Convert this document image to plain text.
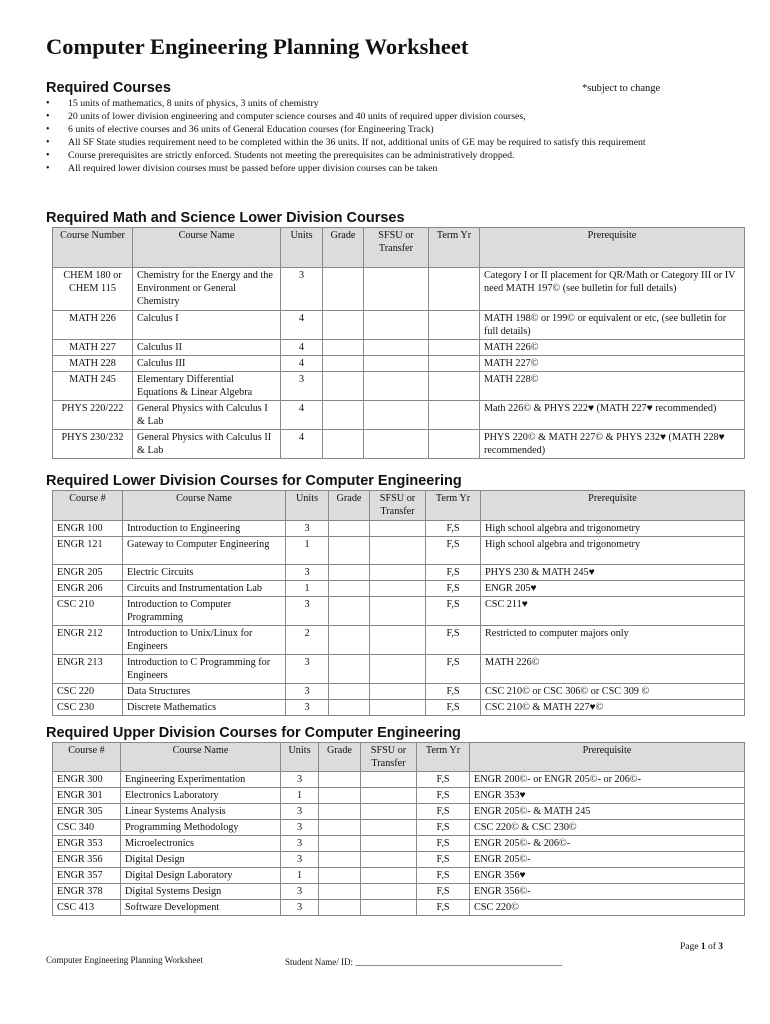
Computer Engineering Planning Worksheet
Required Courses	*subject to change
• 15 units of mathematics, 8 units of physics, 3 units of chemistry
• 20 units of lower division engineering and computer science courses and 40 units of required upper division courses,
• 6 units of elective courses and 36 units of General Education courses (for Engineering Track)
• All SF State studies requirement need to be completed within the 36 units. If not, additional units of GE may be required to satisfy this requirement
• Course prerequisites are strictly enforced. Students not meeting the prerequisites can be administratively dropped.
• All required lower division courses must be passed before upper division courses can be taken
Required Math and Science Lower Division Courses
Course Number	Course Name	Units	Grade	SFSU or Transfer	Term Yr	Prerequisite
CHEM 180 or CHEM 115	Chemistry for the Energy and the Environment or General Chemistry	3				Category I or II placement for QR/Math or Category III or IV need MATH 197© (see bulletin for full details)
MATH 226	Calculus I	4				MATH 198© or 199© or equivalent or etc, (see bulletin for full details)
MATH 227	Calculus II	4				MATH 226©
MATH 228	Calculus III	4				MATH 227©
MATH 245	Elementary Differential Equations & Linear Algebra	3				MATH 228©
PHYS 220/222	General Physics with Calculus I & Lab	4				Math 226© & PHYS 222♥ (MATH 227♥ recommended)
PHYS 230/232	General Physics with Calculus II & Lab	4				PHYS 220© & MATH 227© & PHYS 232♥ (MATH 228♥ recommended)
Required Lower Division Courses for Computer Engineering
Course #	Course Name	Units	Grade	SFSU or Transfer	Term Yr	Prerequisite
ENGR 100	Introduction to Engineering	3			F,S	High school algebra and trigonometry
ENGR 121	Gateway to Computer Engineering	1			F,S	High school algebra and trigonometry
ENGR 205	Electric Circuits	3			F,S	PHYS 230 & MATH 245♥
ENGR 206	Circuits and Instrumentation Lab	1			F,S	ENGR 205♥
CSC 210	Introduction to Computer Programming	3			F,S	CSC 211♥
ENGR 212	Introduction to Unix/Linux for Engineers	2			F,S	Restricted to computer majors only
ENGR 213	Introduction to C Programming for Engineers	3			F,S	MATH 226©
CSC 220	Data Structures	3			F,S	CSC 210© or CSC 306© or CSC 309 ©
CSC 230	Discrete Mathematics	3			F,S	CSC 210© & MATH 227♥©
Required Upper Division Courses for Computer Engineering
Course #	Course Name	Units	Grade	SFSU or Transfer	Term Yr	Prerequisite
ENGR 300	Engineering Experimentation	3			F,S	ENGR 200©- or ENGR 205©- or 206©-
ENGR 301	Electronics Laboratory	1			F,S	ENGR 353♥
ENGR 305	Linear Systems Analysis	3			F,S	ENGR 205©- & MATH 245
CSC 340	Programming Methodology	3			F,S	CSC 220© & CSC 230©
ENGR 353	Microelectronics	3			F,S	ENGR 205©- & 206©-
ENGR 356	Digital Design	3			F,S	ENGR 205©-
ENGR 357	Digital Design Laboratory	1			F,S	ENGR 356♥
ENGR 378	Digital Systems Design	3			F,S	ENGR 356©-
CSC 413	Software Development	3			F,S	CSC 220©
Page 1 of 3
Computer Engineering Planning Worksheet	Student Name/ ID: ______________________________________________
